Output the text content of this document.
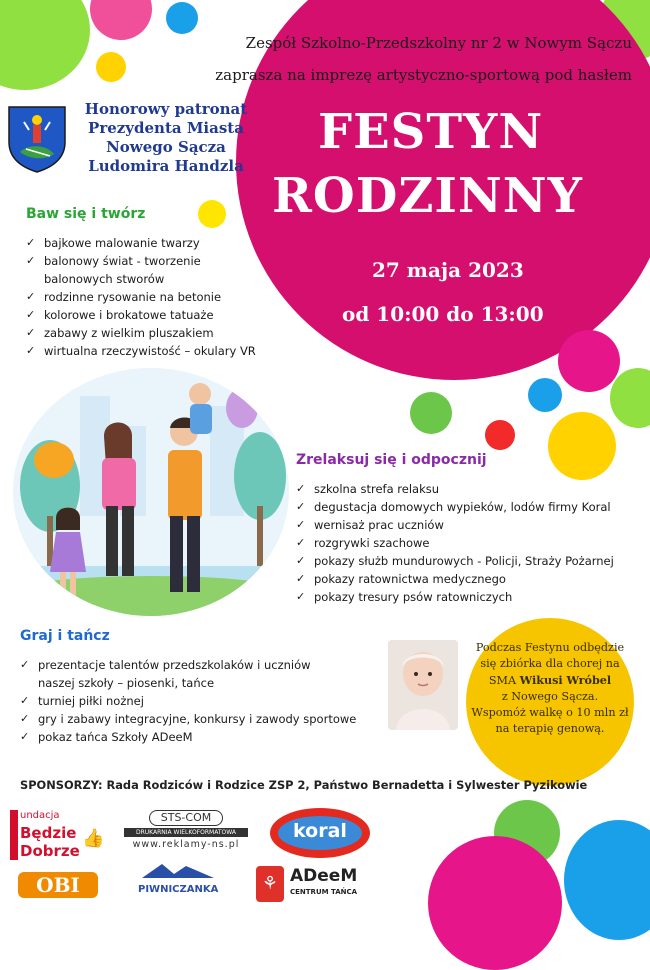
Zespół Szkolno-Przedszkolny nr 2 w Nowym Sączu
zaprasza na imprezę artystyczno-sportową pod hasłem
Honorowy patronat
Prezydenta Miasta
Nowego Sącza
Ludomira Handzla
FESTYN
RODZINNY
27 maja 2023
od 10:00 do 13:00
Baw się i twórz
✓ bajkowe malowanie twarzy
✓ balonowy świat - tworzenie
balonowych stworów
✓ rodzinne rysowanie na betonie
✓ kolorowe i brokatowe tatuaże
✓ zabawy z wielkim pluszakiem
✓ wirtualna rzeczywistość – okulary VR
Zrelaksuj się i odpocznij
✓ szkolna strefa relaksu
✓ degustacja domowych wypieków, lodów firmy Koral
✓ wernisaż prac uczniów
✓ rozgrywki szachowe
✓ pokazy służb mundurowych - Policji, Straży Pożarnej
✓ pokazy ratownictwa medycznego
✓ pokazy tresury psów ratowniczych
Graj i tańcz
✓ prezentacje talentów przedszkolaków i uczniów
naszej szkoły – piosenki, tańce
✓ turniej piłki nożnej
✓ gry i zabawy integracyjne, konkursy i zawody sportowe
✓ pokaz tańca Szkoły ADeeM
Podczas Festynu odbędzie
się zbiórka dla chorej na
SMA Wikusi Wróbel
z Nowego Sącza.
Wspomóż walkę o 10 mln zł
na terapię genową.
SPONSORZY: Rada Rodziców i Rodzice ZSP 2, Państwo Bernadetta i Sylwester Pyzikowie
undacja
Będzie
Dobrze
👍
STS-COM
DRUKARNIA WIELKOFORMATOWA
www.reklamy-ns.pl
koral
OBI	PIWNICZANKA	⚘ ADeeM
CENTRUM TAŃCA
